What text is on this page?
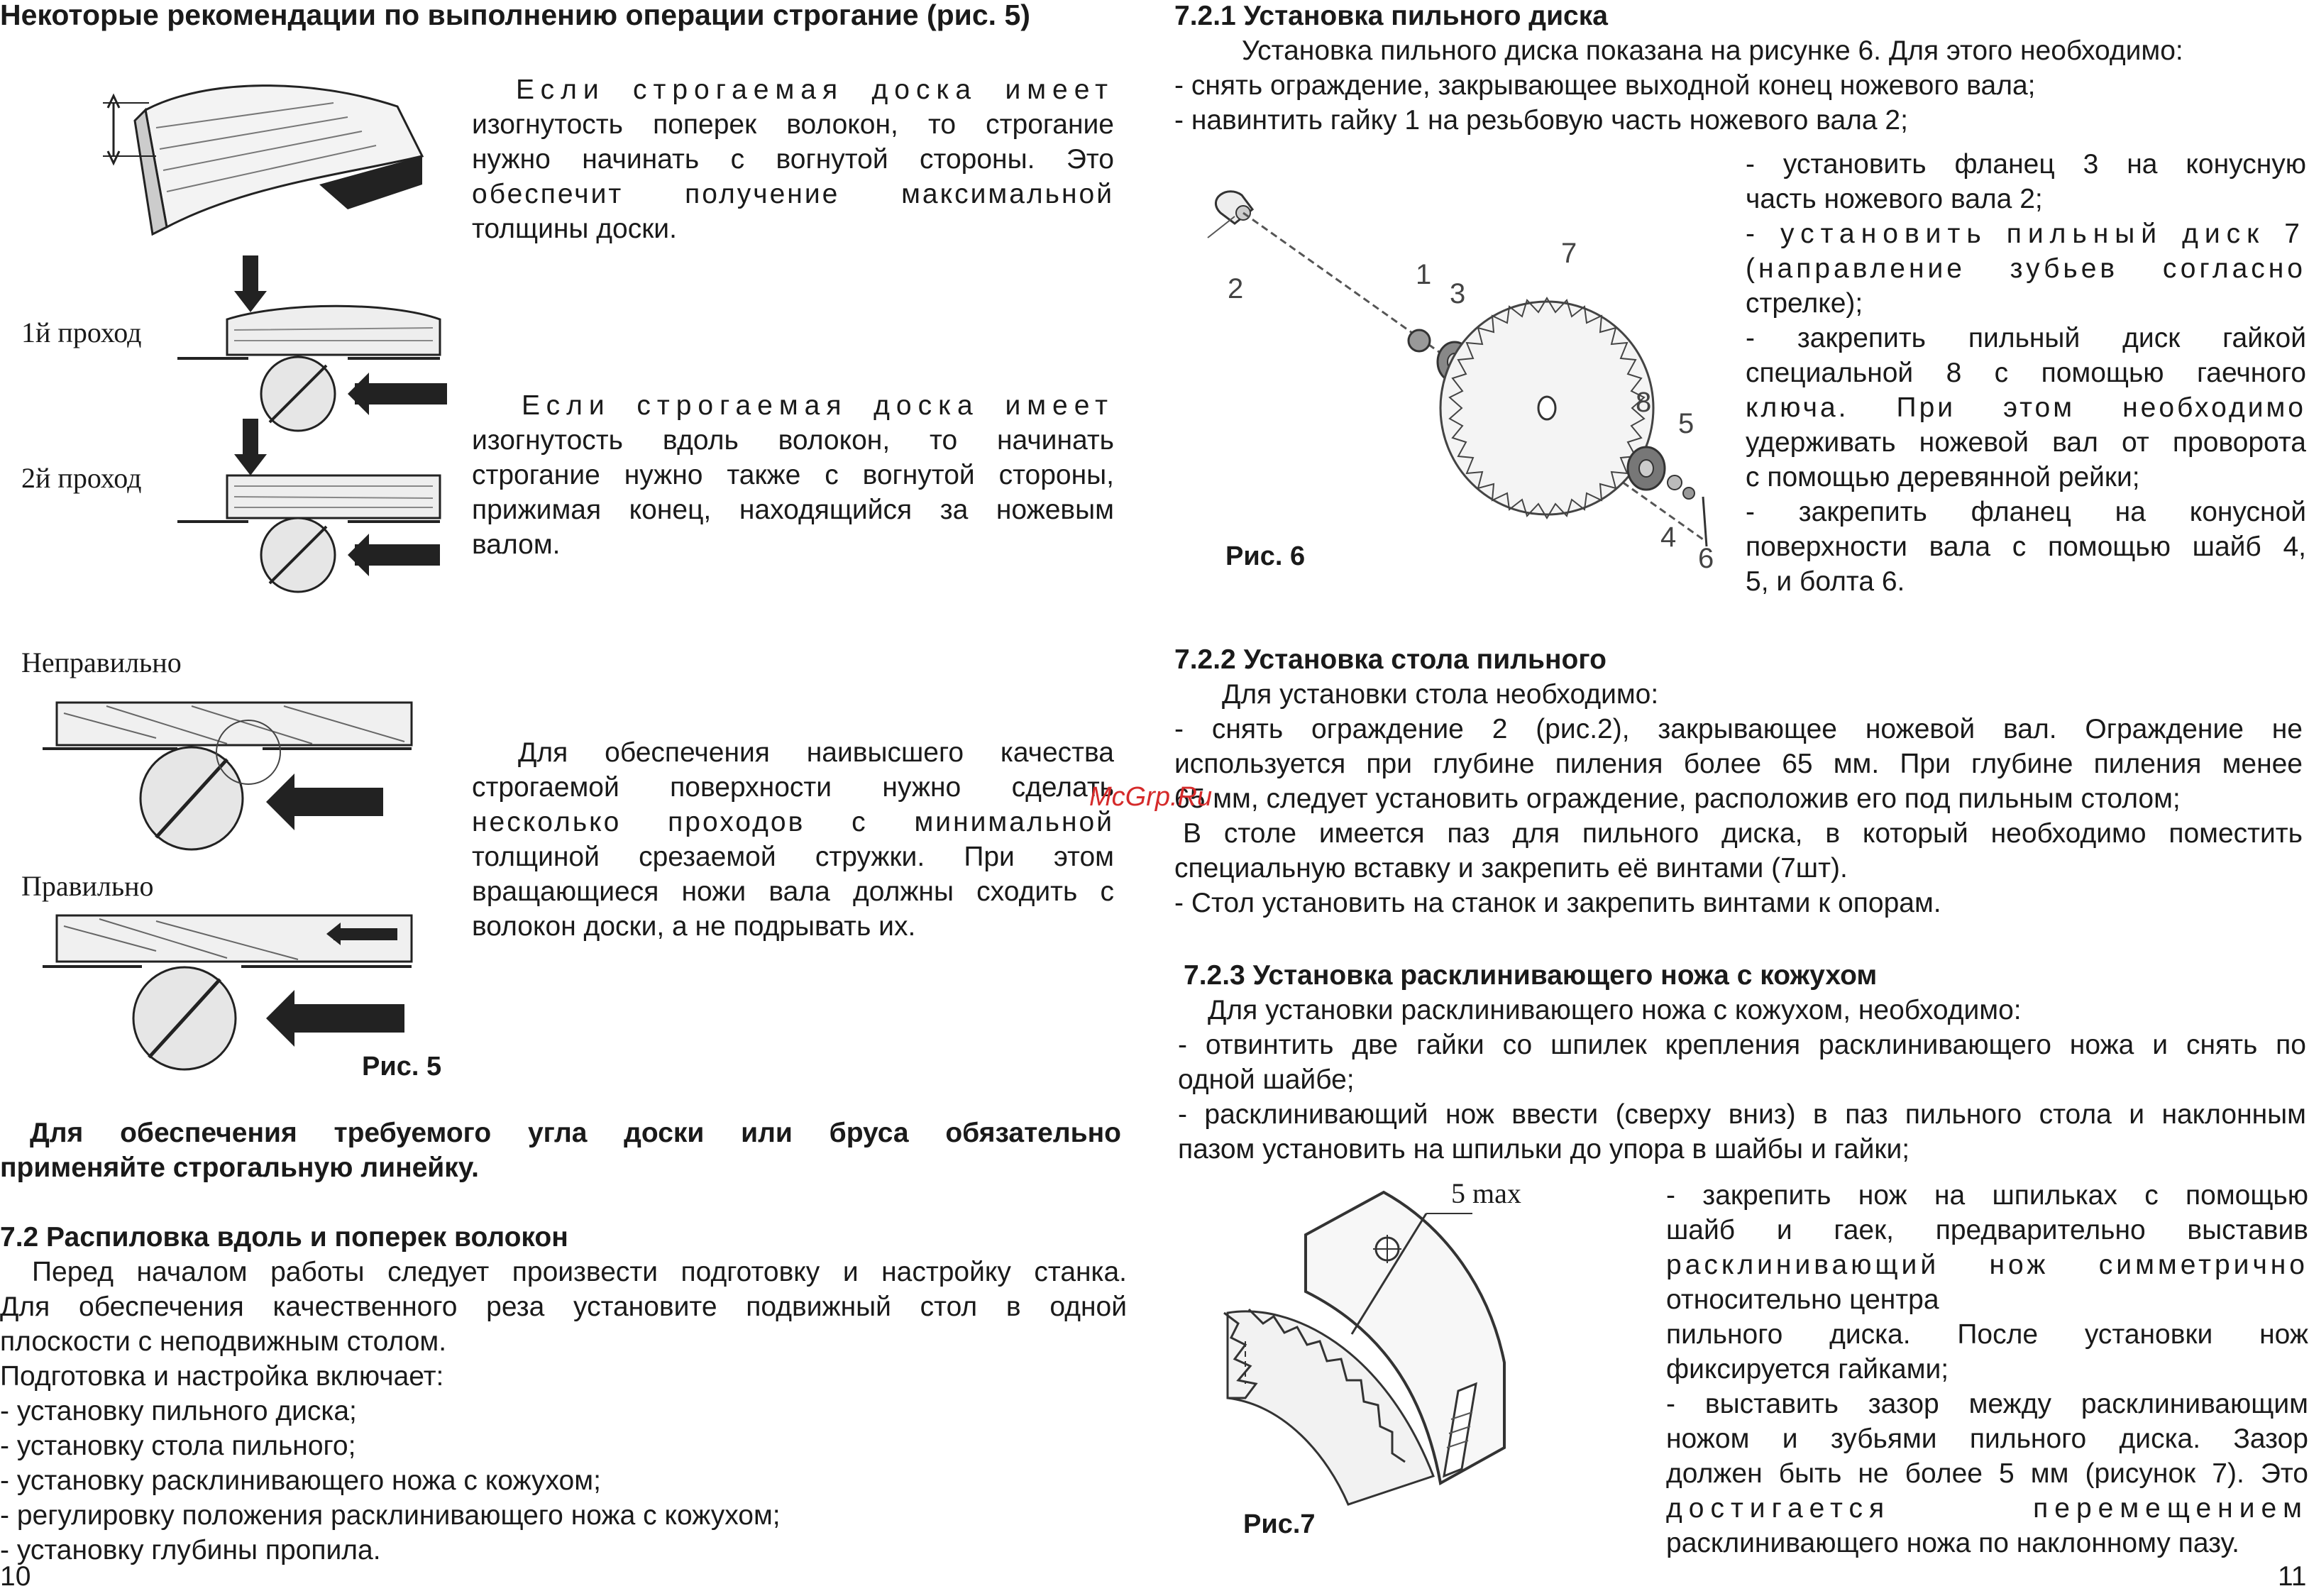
Некоторые рекомендации по выполнению операции строгание (рис. 5)
1й проход
2й проход
Неправильно
Правильно
Рис. 5
Если строгаемая доска имеет
изогнутость поперек волокон, то строгание
нужно начинать с вогнутой стороны. Это
обеспечит получение максимальной
толщины доски.
Если строгаемая доска имеет
изогнутость вдоль волокон, то начинать
строгание нужно также с вогнутой стороны,
прижимая конец, находящийся за ножевым
валом.
Для обеспечения наивысшего качества
строгаемой поверхности нужно сделать
несколько проходов с минимальной
толщиной срезаемой стружки. При этом
вращающиеся ножи вала должны сходить с
волокон доски, а не подрывать их.
Для обеспечения требуемого угла доски или бруса обязательно
применяйте строгальную линейку.
7.2 Распиловка вдоль и поперек волокон
Перед началом работы следует произвести подготовку и настройку станка.
Для обеспечения качественного реза установите подвижный стол в одной
плоскости с неподвижным столом.
Подготовка и настройка включает:
- установку пильного диска;
- установку стола пильного;
- установку расклинивающего ножа с кожухом;
- регулировку положения расклинивающего ножа с кожухом;
- установку глубины пропила.
10
7.2.1 Установка пильного диска
Установка пильного диска показана на рисунке 6. Для этого необходимо:
- снять ограждение, закрывающее выходной конец ножевого вала;
- навинтить гайку 1 на резьбовую часть ножевого вала 2;
2	1
3
7
8
5
4
6
Рис. 6
- установить фланец 3 на конусную
часть ножевого вала 2;
- установить пильный диск 7
(направление зубьев согласно
стрелке);
- закрепить пильный диск гайкой
специальной 8 с помощью гаечного
ключа. При этом необходимо
удерживать ножевой вал от проворота
с помощью деревянной рейки;
- закрепить фланец на конусной
поверхности вала с помощью шайб 4,
5, и болта 6.
7.2.2 Установка стола пильного
Для установки стола необходимо:
- снять ограждение 2 (рис.2), закрывающее ножевой вал. Ограждение не
используется при глубине пиления более 65 мм. При глубине пиления менее
65 мм, следует установить ограждение, расположив его под пильным столом;
В столе имеется паз для пильного диска, в который необходимо поместить
специальную вставку и закрепить её винтами (7шт).
- Стол установить на станок и закрепить винтами к опорам.
McGrp.Ru
7.2.3 Установка расклинивающего ножа с кожухом
Для установки расклинивающего ножа с кожухом, необходимо:
- отвинтить две гайки со шпилек крепления расклинивающего ножа и снять по
одной шайбе;
- расклинивающий нож ввести (сверху вниз) в паз пильного стола и наклонным
пазом установить на шпильки до упора в шайбы и гайки;
5 max
Рис.7
- закрепить нож на шпильках с помощью
шайб и гаек, предварительно выставив
расклинивающий нож симметрично
относительно центра
пильного диска. После установки нож
фиксируется гайками;
- выставить зазор между расклинивающим
ножом и зубьями пильного диска. Зазор
должен быть не более 5 мм (рисунок 7). Это
достигается перемещением
расклинивающего ножа по наклонному пазу.
11
